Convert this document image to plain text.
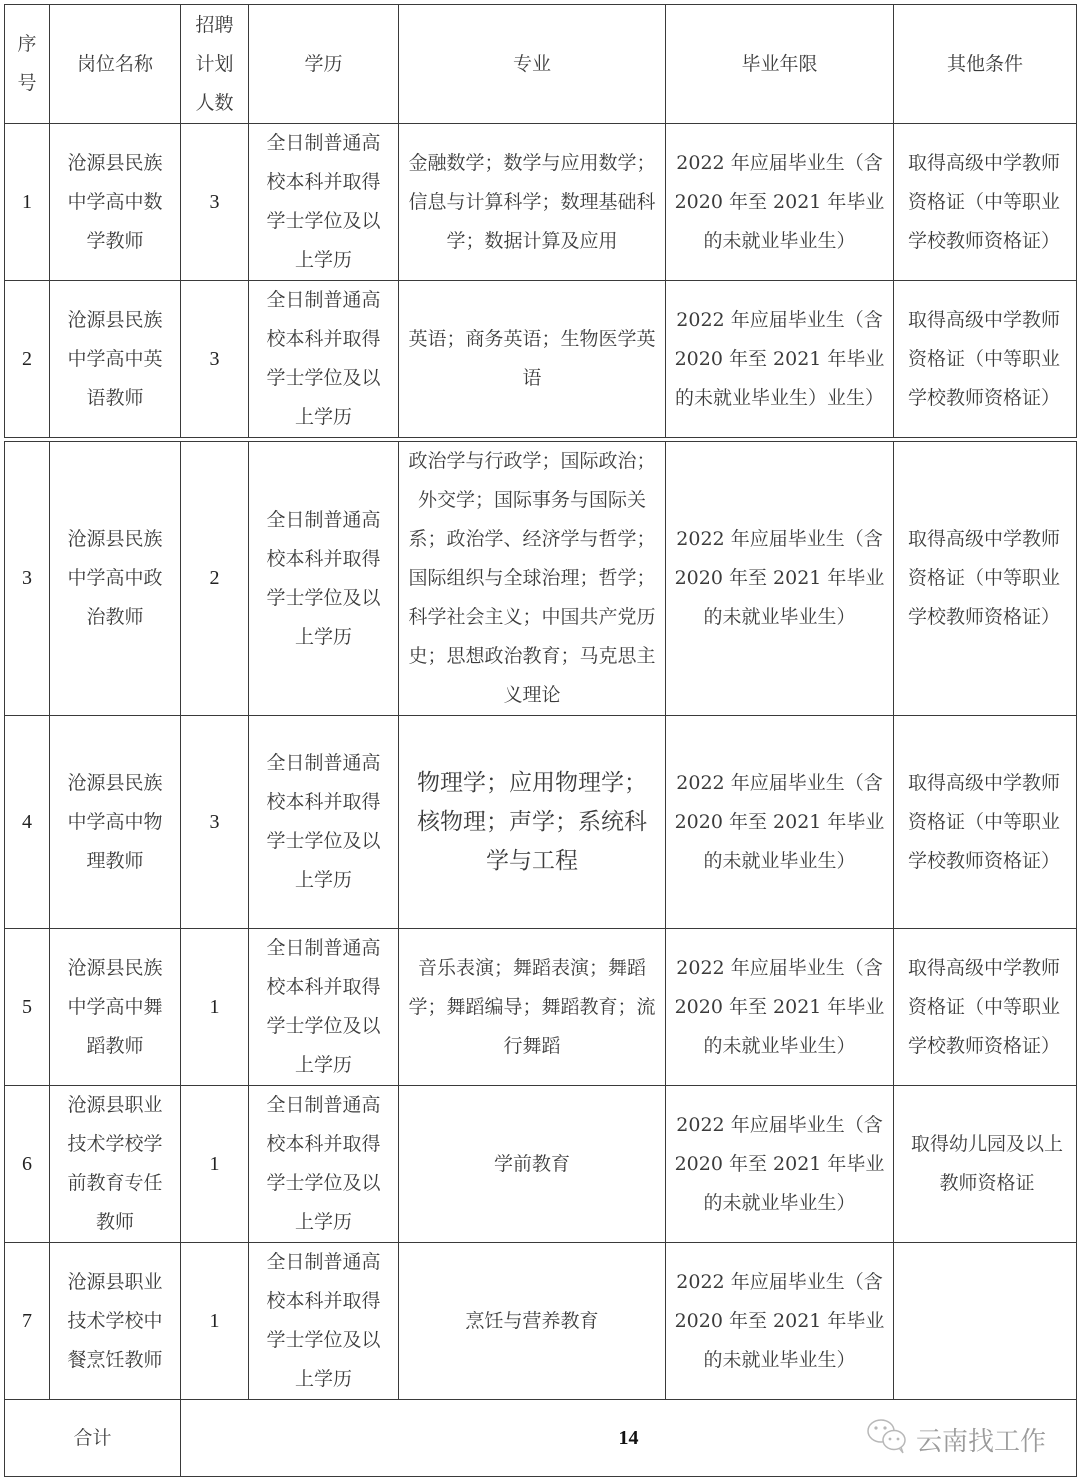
序号	岗位名称	招聘计划人数	学历	专业	毕业年限	其他条件
1	沧源县民族中学高中数学教师	3	全日制普通高校本科并取得学士学位及以上学历	金融数学；数学与应用数学；信息与计算科学；数理基础科学；数据计算及应用	2022 年应届毕业生（含 2020 年至 2021 年毕业的未就业毕业生）	取得高级中学教师资格证（中等职业学校教师资格证）
2	沧源县民族中学高中英语教师	3	全日制普通高校本科并取得学士学位及以上学历	英语；商务英语；生物医学英语	2022 年应届毕业生（含 2020 年至 2021 年毕业的未就业毕业生）业生）	取得高级中学教师资格证（中等职业学校教师资格证）
3	沧源县民族中学高中政治教师	2	全日制普通高校本科并取得学士学位及以上学历	政治学与行政学；国际政治；外交学；国际事务与国际关系；政治学、经济学与哲学；国际组织与全球治理；哲学；科学社会主义；中国共产党历史；思想政治教育；马克思主义理论	2022 年应届毕业生（含 2020 年至 2021 年毕业的未就业毕业生）	取得高级中学教师资格证（中等职业学校教师资格证）
4	沧源县民族中学高中物理教师	3	全日制普通高校本科并取得学士学位及以上学历	物理学；应用物理学；核物理；声学；系统科学与工程	2022 年应届毕业生（含 2020 年至 2021 年毕业的未就业毕业生）	取得高级中学教师资格证（中等职业学校教师资格证）
5	沧源县民族中学高中舞蹈教师	1	全日制普通高校本科并取得学士学位及以上学历	音乐表演；舞蹈表演；舞蹈学；舞蹈编导；舞蹈教育；流行舞蹈	2022 年应届毕业生（含 2020 年至 2021 年毕业的未就业毕业生）	取得高级中学教师资格证（中等职业学校教师资格证）
6	沧源县职业技术学校学前教育专任教师	1	全日制普通高校本科并取得学士学位及以上学历	学前教育	2022 年应届毕业生（含 2020 年至 2021 年毕业的未就业毕业生）	取得幼儿园及以上教师资格证
7	沧源县职业技术学校中餐烹饪教师	1	全日制普通高校本科并取得学士学位及以上学历	烹饪与营养教育	2022 年应届毕业生（含 2020 年至 2021 年毕业的未就业毕业生）	
合计		14					云南找工作
